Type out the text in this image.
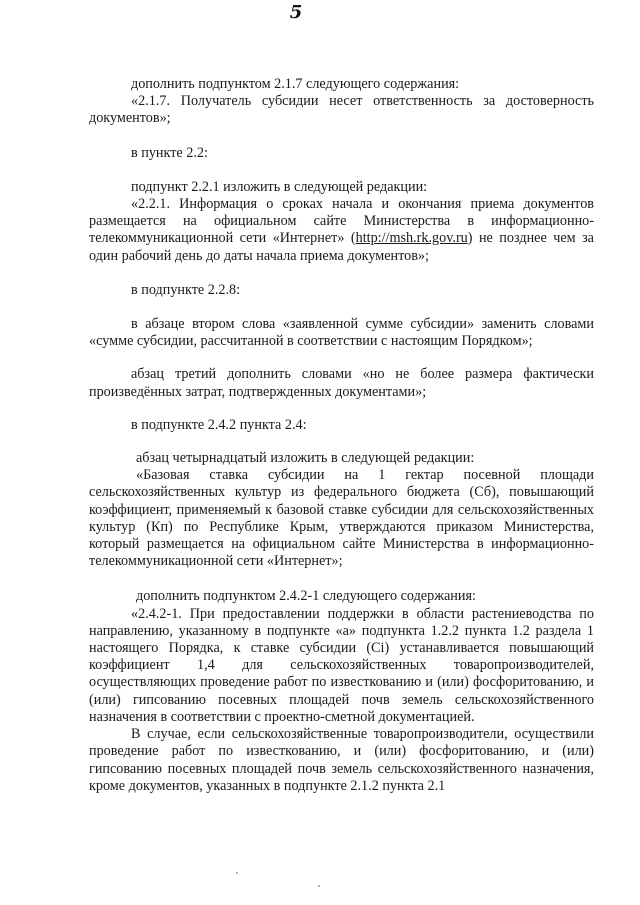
5

дополнить подпунктом 2.1.7 следующего содержания:

«2.1.7. Получатель субсидии несет ответственность за достоверность документов»;

в пункте 2.2:

подпункт 2.2.1 изложить в следующей редакции:

«2.2.1. Информация о сроках начала и окончания приема документов размещается на официальном сайте Министерства в информационно-телекоммуникационной сети «Интернет» (http://msh.rk.gov.ru) не позднее чем за один рабочий день до даты начала приема документов»;

в подпункте 2.2.8:

в абзаце втором слова «заявленной сумме субсидии» заменить словами «сумме субсидии, рассчитанной в соответствии с настоящим Порядком»;

абзац третий дополнить словами «но не более размера фактически произведённых затрат, подтвержденных документами»;

в подпункте 2.4.2 пункта 2.4:

абзац четырнадцатый изложить в следующей редакции:

«Базовая ставка субсидии на 1 гектар посевной площади сельскохозяйственных культур из федерального бюджета (Сб), повышающий коэффициент, применяемый к базовой ставке субсидии для сельскохозяйственных культур (Кп) по Республике Крым, утверждаются приказом Министерства, который размещается на официальном сайте Министерства в информационно-телекоммуникационной сети «Интернет»;

дополнить подпунктом 2.4.2-1 следующего содержания:

«2.4.2-1. При предоставлении поддержки в области растениеводства по направлению, указанному в подпункте «а» подпункта 1.2.2 пункта 1.2 раздела 1 настоящего Порядка, к ставке субсидии (Ci) устанавливается повышающий коэффициент 1,4 для сельскохозяйственных товаропроизводителей, осуществляющих проведение работ по известкованию и (или) фосфоритованию, и (или) гипсованию посевных площадей почв земель сельскохозяйственного назначения в соответствии с проектно-сметной документацией.

В случае, если сельскохозяйственные товаропроизводители, осуществили проведение работ по известкованию, и (или) фосфоритованию, и (или) гипсованию посевных площадей почв земель сельскохозяйственного назначения, кроме документов, указанных в подпункте 2.1.2 пункта 2.1
